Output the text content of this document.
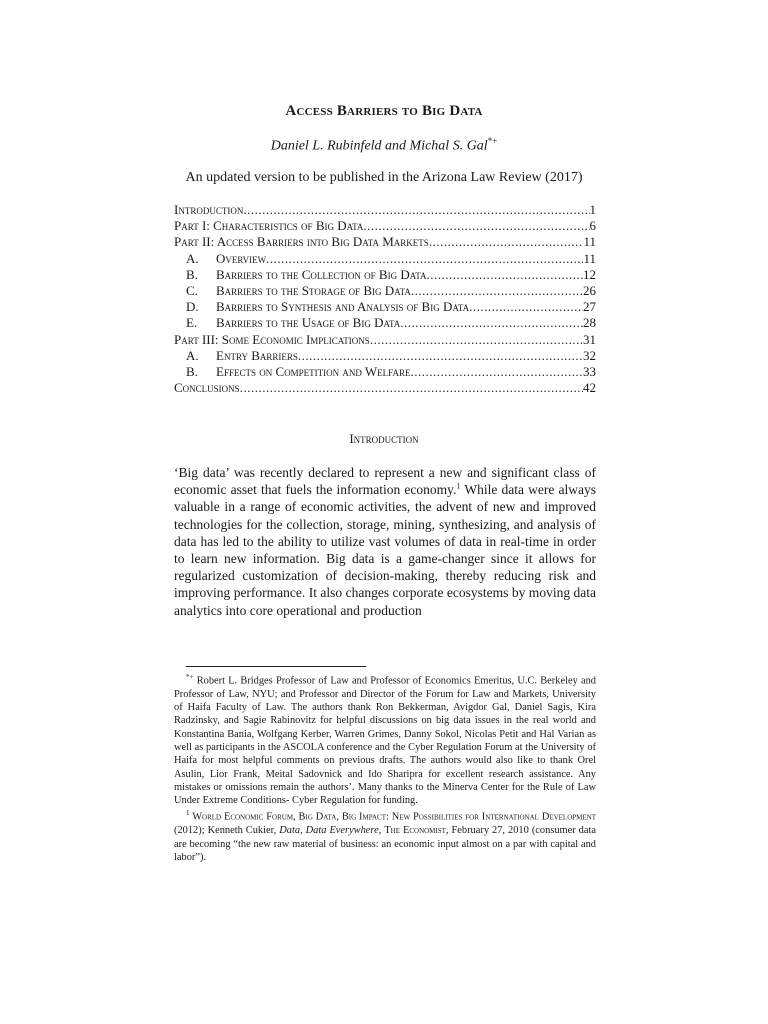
Access Barriers to Big Data
Daniel L. Rubinfeld and Michal S. Gal*+
An updated version to be published in the Arizona Law Review (2017)
Introduction .....	1
Part I: Characteristics of Big Data .....	6
Part II: Access Barriers into Big Data Markets .....	11
A.	Overview .....	11
B.	Barriers to the Collection of Big Data .....	12
C.	Barriers to the Storage of Big Data .....	26
D.	Barriers to Synthesis and Analysis of Big Data .....	27
E.	Barriers to the Usage of Big Data .....	28
Part III: Some Economic Implications .....	31
A.	Entry Barriers .....	32
B.	Effects on Competition and Welfare .....	33
Conclusions .....	42
Introduction
‘Big data’ was recently declared to represent a new and significant class of economic asset that fuels the information economy.$^1$ While data were always valuable in a range of economic activities, the advent of new and improved technologies for the collection, storage, mining, synthesizing, and analysis of data has led to the ability to utilize vast volumes of data in real-time in order to learn new information. Big data is a game-changer since it allows for regularized customization of decision-making, thereby reducing risk and improving performance. It also changes corporate ecosystems by moving data analytics into core operational and production

*+ Robert L. Bridges Professor of Law and Professor of Economics Emeritus, U.C. Berkeley and Professor of Law, NYU; and Professor and Director of the Forum for Law and Markets, University of Haifa Faculty of Law. The authors thank Ron Bekkerman, Avigdor Gal, Daniel Sagis, Kira Radzinsky, and Sagie Rabinovitz for helpful discussions on big data issues in the real world and Konstantina Bania, Wolfgang Kerber, Warren Grimes, Danny Sokol, Nicolas Petit and Hal Varian as well as participants in the ASCOLA conference and the Cyber Regulation Forum at the University of Haifa for most helpful comments on previous drafts. The authors would also like to thank Orel Asulin, Lior Frank, Meital Sadovnick and Ido Sharipra for excellent research assistance. Any mistakes or omissions remain the authors’. Many thanks to the Minerva Center for the Rule of Law Under Extreme Conditions- Cyber Regulation for funding.

$^1$ World Economic Forum, Big Data, Big Impact: New Possibilities for International Development (2012); Kenneth Cukier, Data, Data Everywhere, The Economist, February 27, 2010 (consumer data are becoming “the new raw material of business: an economic input almost on a par with capital and labor”).
